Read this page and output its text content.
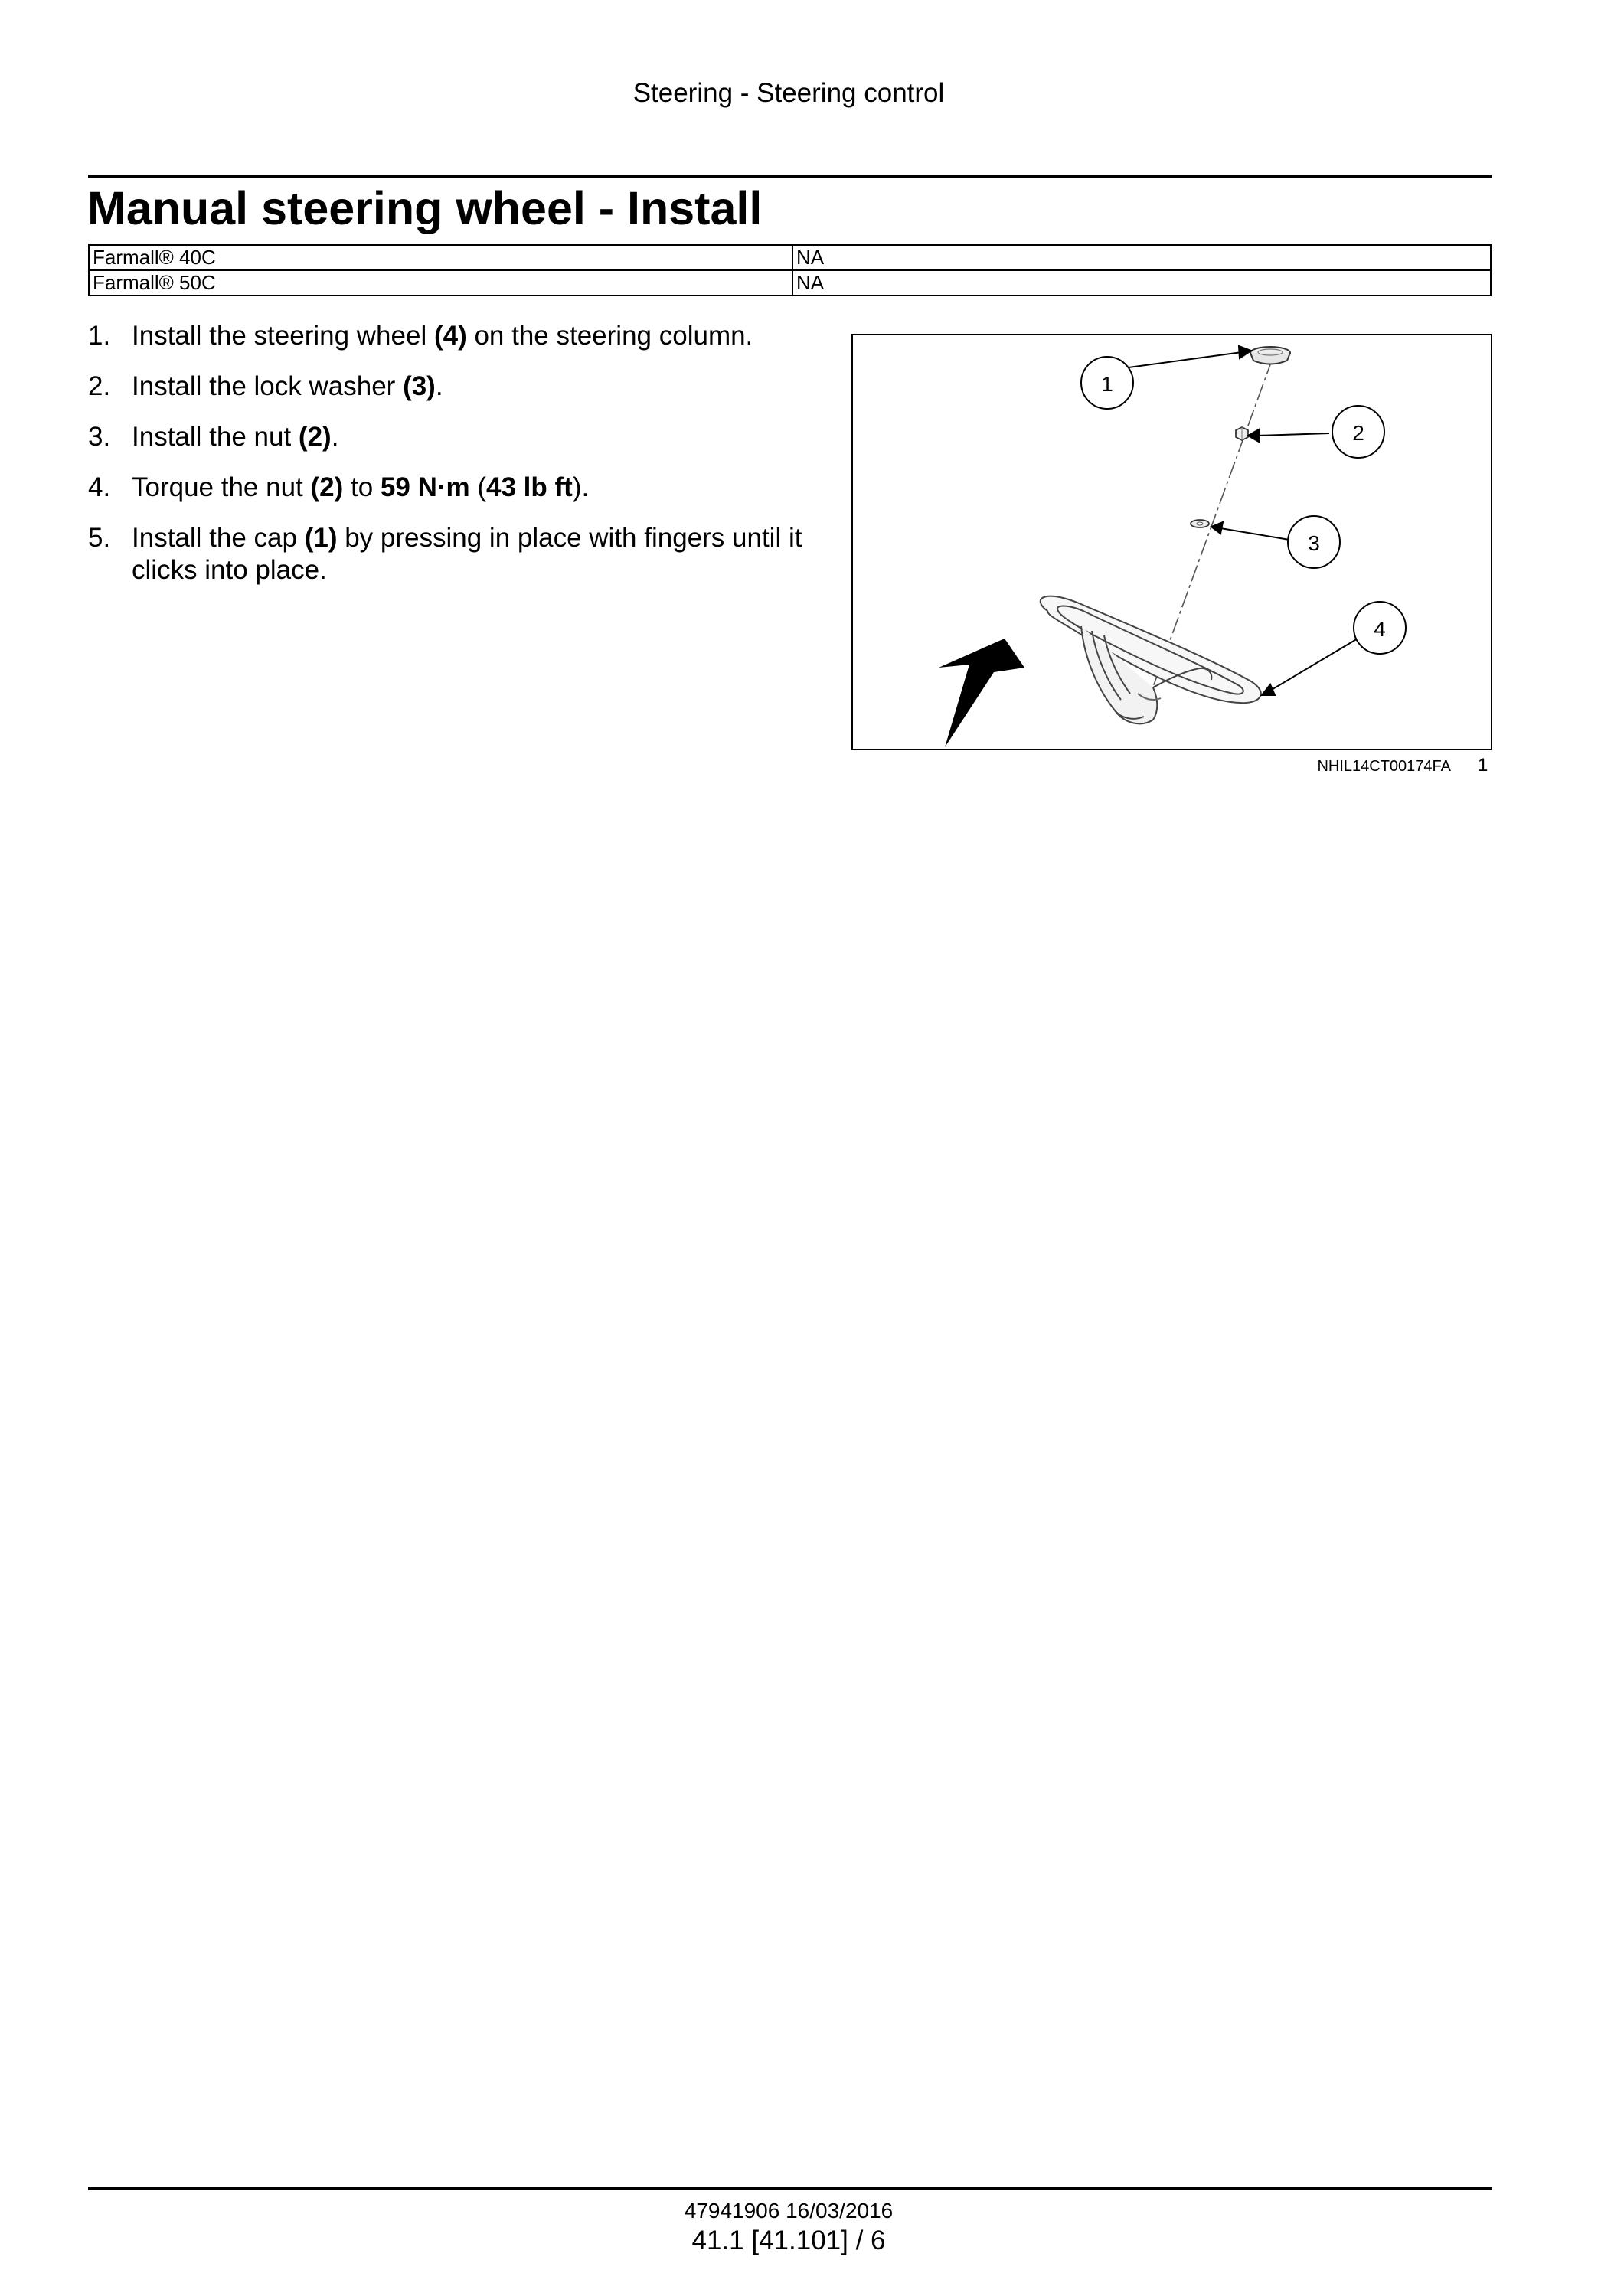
Steering - Steering control
Manual steering wheel - Install
Farmall® 40C	NA
Farmall® 50C	NA
1. Install the steering wheel (4) on the steering column.
2. Install the lock washer (3).
3. Install the nut (2).
4. Torque the nut (2) to 59 N·m (43 lb ft).
5. Install the cap (1) by pressing in place with fingers until it clicks into place.
1
2
3
4
NHIL14CT00174FA 1
47941906 16/03/2016
41.1 [41.101] / 6
